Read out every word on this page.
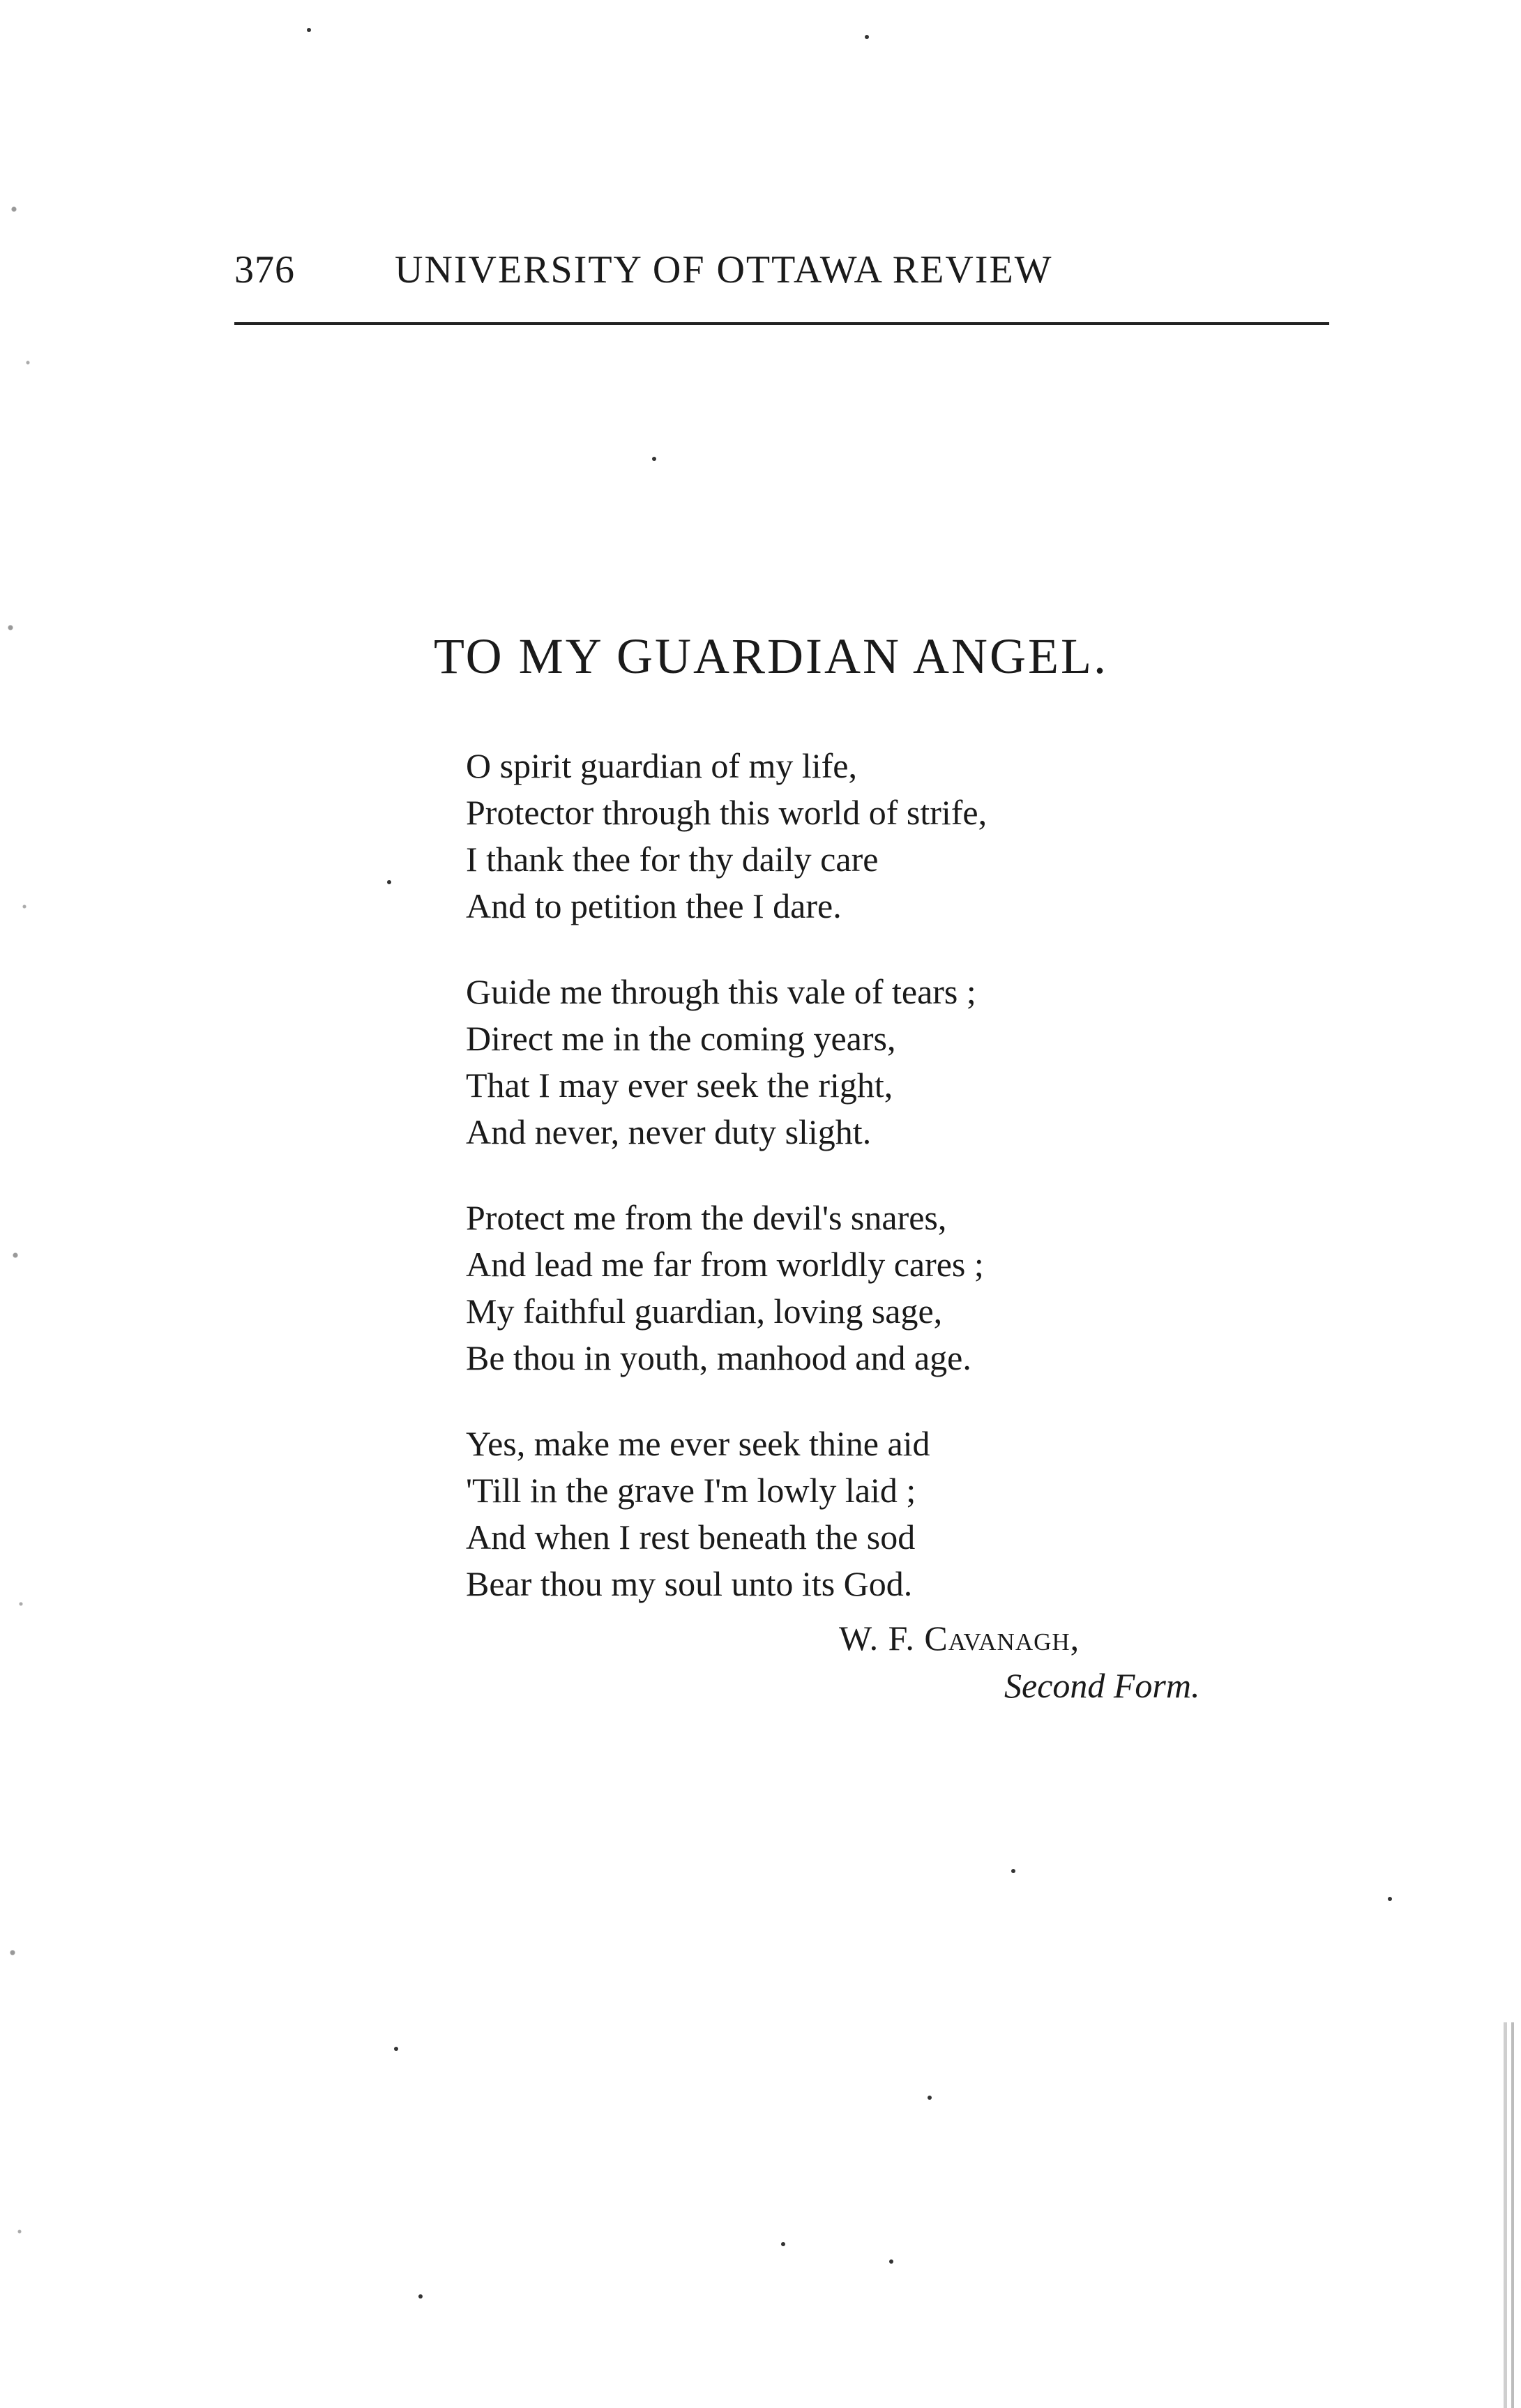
376	UNIVERSITY OF OTTAWA REVIEW
TO MY GUARDIAN ANGEL.
O spirit guardian of my life,
Protector through this world of strife,
I thank thee for thy daily care
And to petition thee I dare.
Guide me through this vale of tears ;
Direct me in the coming years,
That I may ever seek the right,
And never, never duty slight.
Protect me from the devil's snares,
And lead me far from worldly cares ;
My faithful guardian, loving sage,
Be thou in youth, manhood and age.
Yes, make me ever seek thine aid
'Till in the grave I'm lowly laid ;
And when I rest beneath the sod
Bear thou my soul unto its God.
W. F. Cavanagh,
Second Form.
